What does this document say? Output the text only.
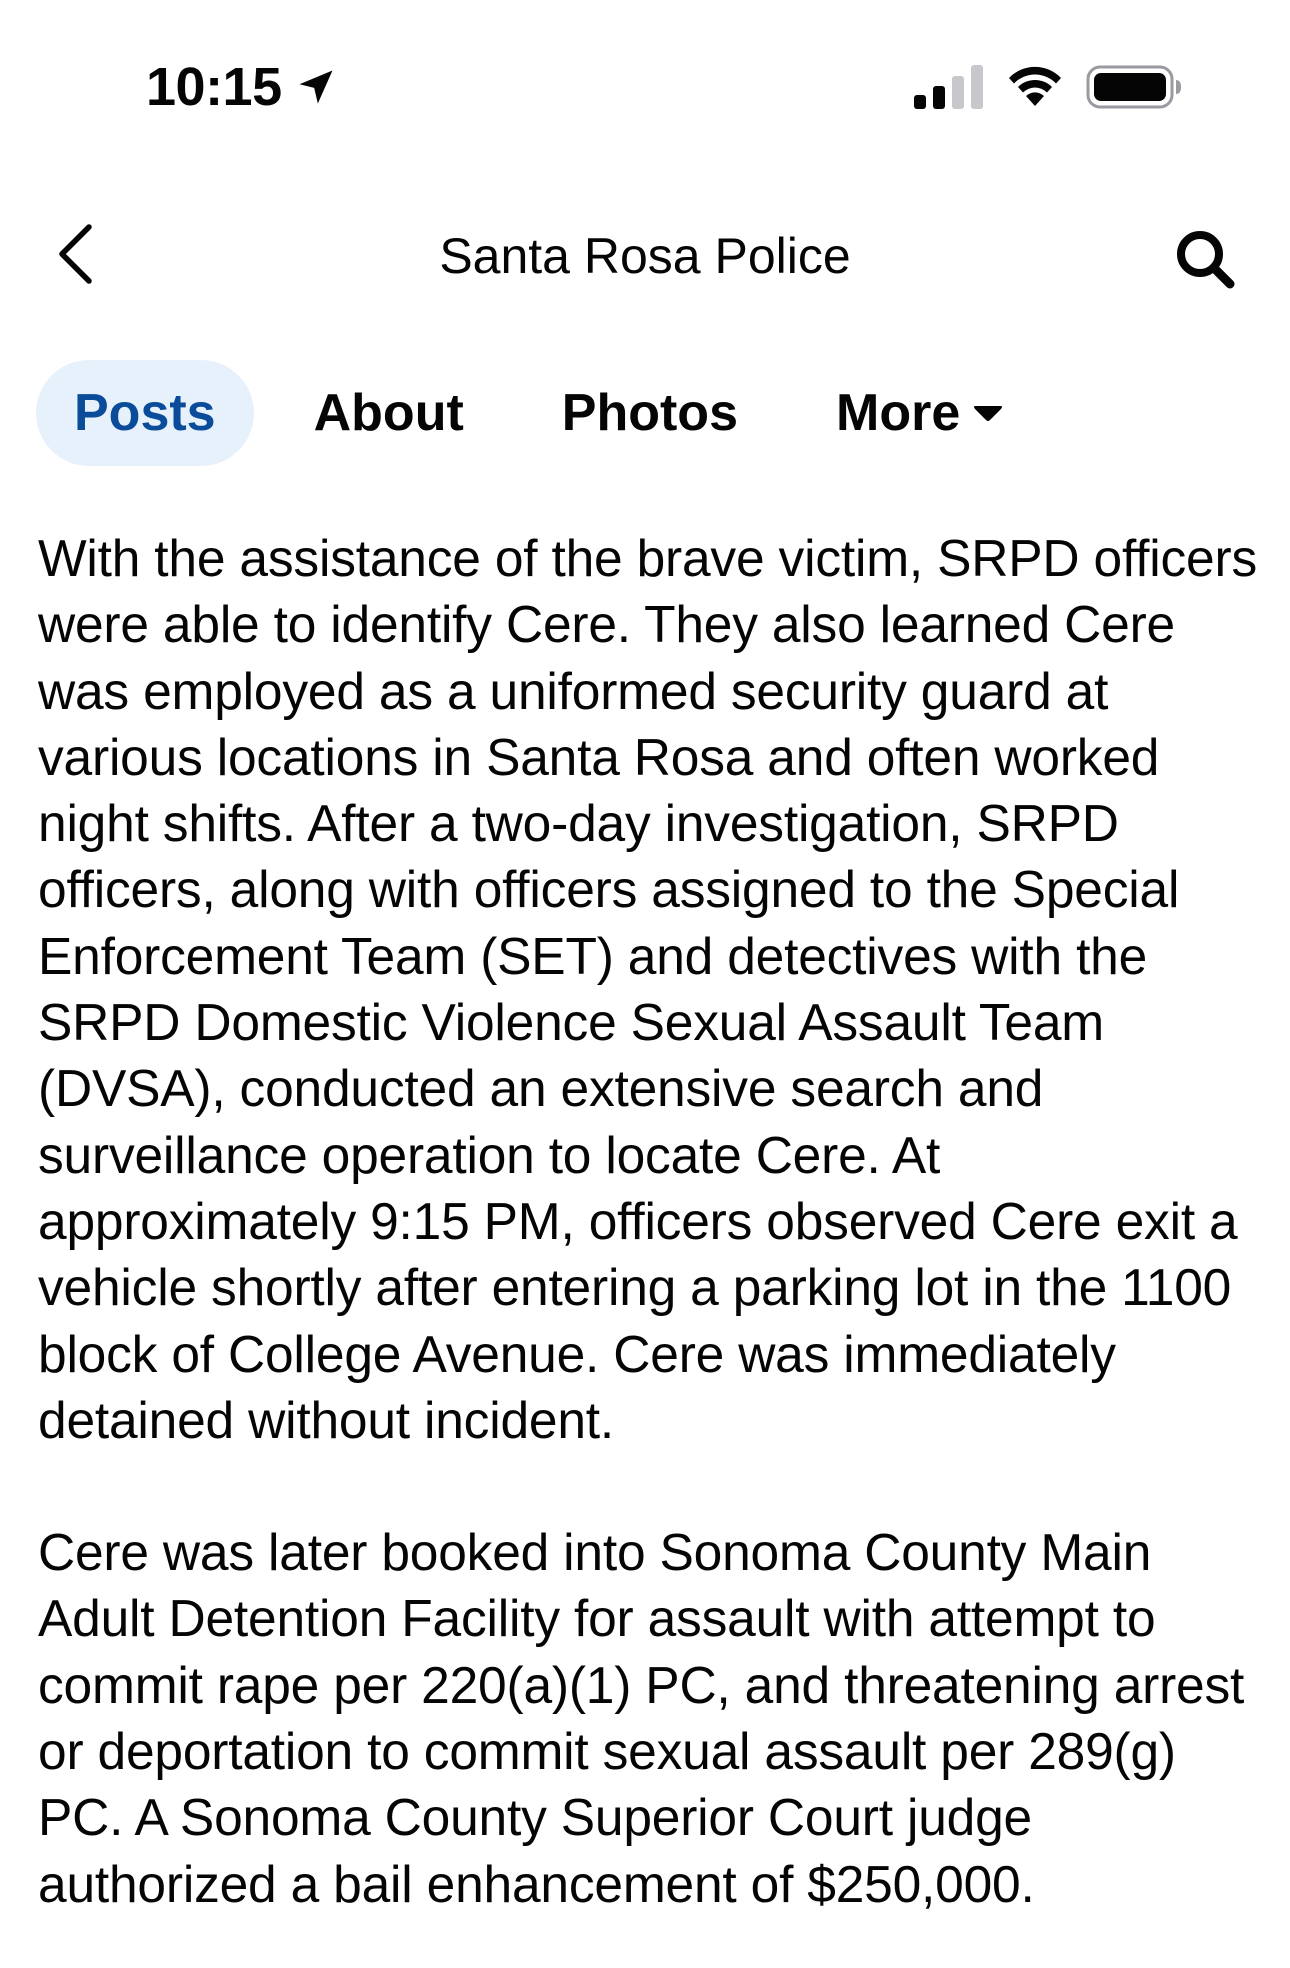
10:15
Santa Rosa Police
Posts About Photos More

With the assistance of the brave victim, SRPD officers were able to identify Cere. They also learned Cere was employed as a uniformed security guard at various locations in Santa Rosa and often worked night shifts. After a two-day investigation, SRPD officers, along with officers assigned to the Special Enforcement Team (SET) and detectives with the SRPD Domestic Violence Sexual Assault Team (DVSA), conducted an extensive search and surveillance operation to locate Cere. At approximately 9:15 PM, officers observed Cere exit a vehicle shortly after entering a parking lot in the 1100 block of College Avenue. Cere was immediately detained without incident.

Cere was later booked into Sonoma County Main Adult Detention Facility for assault with attempt to commit rape per 220(a)(1) PC, and threatening arrest or deportation to commit sexual assault per 289(g) PC. A Sonoma County Superior Court judge authorized a bail enhancement of $250,000.
